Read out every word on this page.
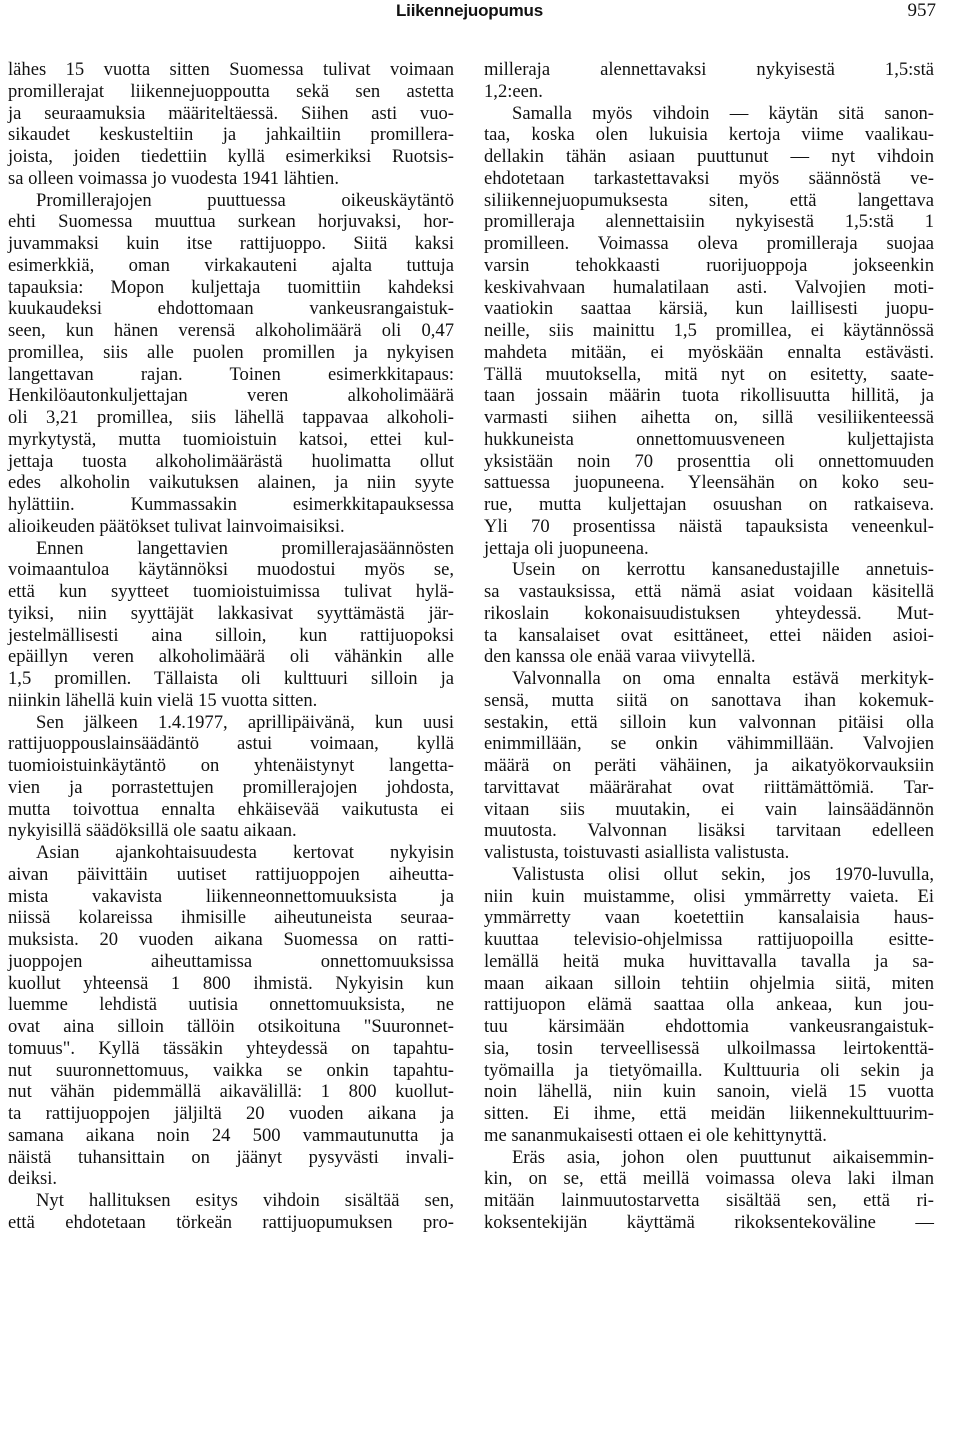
Liikennejuopumus	957
lähes 15 vuotta sitten Suomessa tulivat voimaan
promillerajat liikennejuoppoutta sekä sen astetta
ja seuraamuksia määriteltäessä. Siihen asti vuo-
sikaudet keskusteltiin ja jahkailtiin promillera-
joista, joiden tiedettiin kyllä esimerkiksi Ruotsis-
sa olleen voimassa jo vuodesta 1941 lähtien.
Promillerajojen puuttuessa oikeuskäytäntö
ehti Suomessa muuttua surkean horjuvaksi, hor-
juvammaksi kuin itse rattijuoppo. Siitä kaksi
esimerkkiä, oman virkakauteni ajalta tuttuja
tapauksia: Mopon kuljettaja tuomittiin kahdeksi
kuukaudeksi ehdottomaan vankeusrangaistuk-
seen, kun hänen verensä alkoholimäärä oli 0,47
promillea, siis alle puolen promillen ja nykyisen
langettavan rajan. Toinen esimerkkitapaus:
Henkilöautonkuljettajan veren alkoholimäärä
oli 3,21 promillea, siis lähellä tappavaa alkoholi-
myrkytystä, mutta tuomioistuin katsoi, ettei kul-
jettaja tuosta alkoholimäärästä huolimatta ollut
edes alkoholin vaikutuksen alainen, ja niin syyte
hylättiin. Kummassakin esimerkkitapauksessa
alioikeuden päätökset tulivat lainvoimaisiksi.
Ennen langettavien promillerajasäännösten
voimaantuloa käytännöksi muodostui myös se,
että kun syytteet tuomioistuimissa tulivat hylä-
tyiksi, niin syyttäjät lakkasivat syyttämästä jär-
jestelmällisesti aina silloin, kun rattijuopoksi
epäillyn veren alkoholimäärä oli vähänkin alle
1,5 promillen. Tällaista oli kulttuuri silloin ja
niinkin lähellä kuin vielä 15 vuotta sitten.
Sen jälkeen 1.4.1977, aprillipäivänä, kun uusi
rattijuoppouslainsäädäntö astui voimaan, kyllä
tuomioistuinkäytäntö on yhtenäistynyt langetta-
vien ja porrastettujen promillerajojen johdosta,
mutta toivottua ennalta ehkäisevää vaikutusta ei
nykyisillä säädöksillä ole saatu aikaan.
Asian ajankohtaisuudesta kertovat nykyisin
aivan päivittäin uutiset rattijuoppojen aiheutta-
mista vakavista liikenneonnettomuuksista ja
niissä kolareissa ihmisille aiheutuneista seuraa-
muksista. 20 vuoden aikana Suomessa on ratti-
juoppojen aiheuttamissa onnettomuuksissa
kuollut yhteensä 1 800 ihmistä. Nykyisin kun
luemme lehdistä uutisia onnettomuuksista, ne
ovat aina silloin tällöin otsikoituna "Suuronnet-
tomuus". Kyllä tässäkin yhteydessä on tapahtu-
nut suuronnettomuus, vaikka se onkin tapahtu-
nut vähän pidemmällä aikavälillä: 1 800 kuollut-
ta rattijuoppojen jäljiltä 20 vuoden aikana ja
samana aikana noin 24 500 vammautunutta ja
näistä tuhansittain on jäänyt pysyvästi invali-
deiksi.
Nyt hallituksen esitys vihdoin sisältää sen,
että ehdotetaan törkeän rattijuopumuksen pro-
milleraja alennettavaksi nykyisestä 1,5:stä
1,2:een.
Samalla myös vihdoin — käytän sitä sanon-
taa, koska olen lukuisia kertoja viime vaalikau-
dellakin tähän asiaan puuttunut — nyt vihdoin
ehdotetaan tarkastettavaksi myös säännöstä ve-
siliikennejuopumuksesta siten, että langettava
promilleraja alennettaisiin nykyisestä 1,5:stä 1
promilleen. Voimassa oleva promilleraja suojaa
varsin tehokkaasti ruorijuoppoja jokseenkin
keskivahvaan humalatilaan asti. Valvojien moti-
vaatiokin saattaa kärsiä, kun laillisesti juopu-
neille, siis mainittu 1,5 promillea, ei käytännössä
mahdeta mitään, ei myöskään ennalta estävästi.
Tällä muutoksella, mitä nyt on esitetty, saate-
taan jossain määrin tuota rikollisuutta hillitä, ja
varmasti siihen aihetta on, sillä vesiliikenteessä
hukkuneista onnettomuusveneen kuljettajista
yksistään noin 70 prosenttia oli onnettomuuden
sattuessa juopuneena. Yleensähän on koko seu-
rue, mutta kuljettajan osuushan on ratkaiseva.
Yli 70 prosentissa näistä tapauksista veneenkul-
jettaja oli juopuneena.
Usein on kerrottu kansanedustajille annetuis-
sa vastauksissa, että nämä asiat voidaan käsitellä
rikoslain kokonaisuudistuksen yhteydessä. Mut-
ta kansalaiset ovat esittäneet, ettei näiden asioi-
den kanssa ole enää varaa viivytellä.
Valvonnalla on oma ennalta estävä merkityk-
sensä, mutta siitä on sanottava ihan kokemuk-
sestakin, että silloin kun valvonnan pitäisi olla
enimmillään, se onkin vähimmillään. Valvojien
määrä on peräti vähäinen, ja aikatyökorvauksiin
tarvittavat määrärahat ovat riittämättömiä. Tar-
vitaan siis muutakin, ei vain lainsäädännön
muutosta. Valvonnan lisäksi tarvitaan edelleen
valistusta, toistuvasti asiallista valistusta.
Valistusta olisi ollut sekin, jos 1970-luvulla,
niin kuin muistamme, olisi ymmärretty vaieta. Ei
ymmärretty vaan koetettiin kansalaisia haus-
kuuttaa televisio-ohjelmissa rattijuopoilla esitte-
lemällä heitä muka huvittavalla tavalla ja sa-
maan aikaan silloin tehtiin ohjelmia siitä, miten
rattijuopon elämä saattaa olla ankeaa, kun jou-
tuu kärsimään ehdottomia vankeusrangaistuk-
sia, tosin terveellisessä ulkoilmassa leirtokenttä-
työmailla ja tietyömailla. Kulttuuria oli sekin ja
noin lähellä, niin kuin sanoin, vielä 15 vuotta
sitten. Ei ihme, että meidän liikennekulttuurim-
me sananmukaisesti ottaen ei ole kehittynyttä.
Eräs asia, johon olen puuttunut aikaisemmin-
kin, on se, että meillä voimassa oleva laki ilman
mitään lainmuutostarvetta sisältää sen, että ri-
koksentekijän käyttämä rikoksentekoväline —
